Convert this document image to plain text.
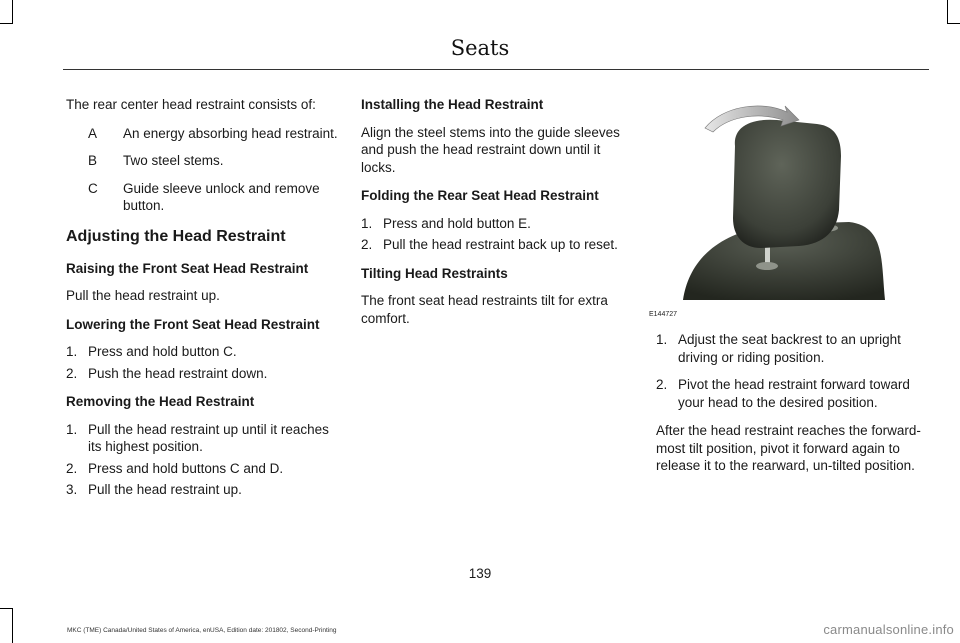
Seats

The rear center head restraint consists of:

A	An energy absorbing head restraint.
B	Two steel stems.
C	Guide sleeve unlock and remove button.
Adjusting the Head Restraint
Raising the Front Seat Head Restraint

Pull the head restraint up.

Lowering the Front Seat Head Restraint
1. Press and hold button C.
2. Push the head restraint down.
Removing the Head Restraint
1. Pull the head restraint up until it reaches its highest position.
2. Press and hold buttons C and D.
3. Pull the head restraint up.
Installing the Head Restraint

Align the steel stems into the guide sleeves and push the head restraint down until it locks.

Folding the Rear Seat Head Restraint
1. Press and hold button E.
2. Pull the head restraint back up to reset.
Tilting Head Restraints

The front seat head restraints tilt for extra comfort.	E144727
1. Adjust the seat backrest to an upright driving or riding position.
2. Pivot the head restraint forward toward your head to the desired position.

After the head restraint reaches the forward-most tilt position, pivot it forward again to release it to the rearward, un-tilted position.

139
MKC (TME) Canada/United States of America, enUSA, Edition date: 201802, Second-Printing	carmanualsonline.info
